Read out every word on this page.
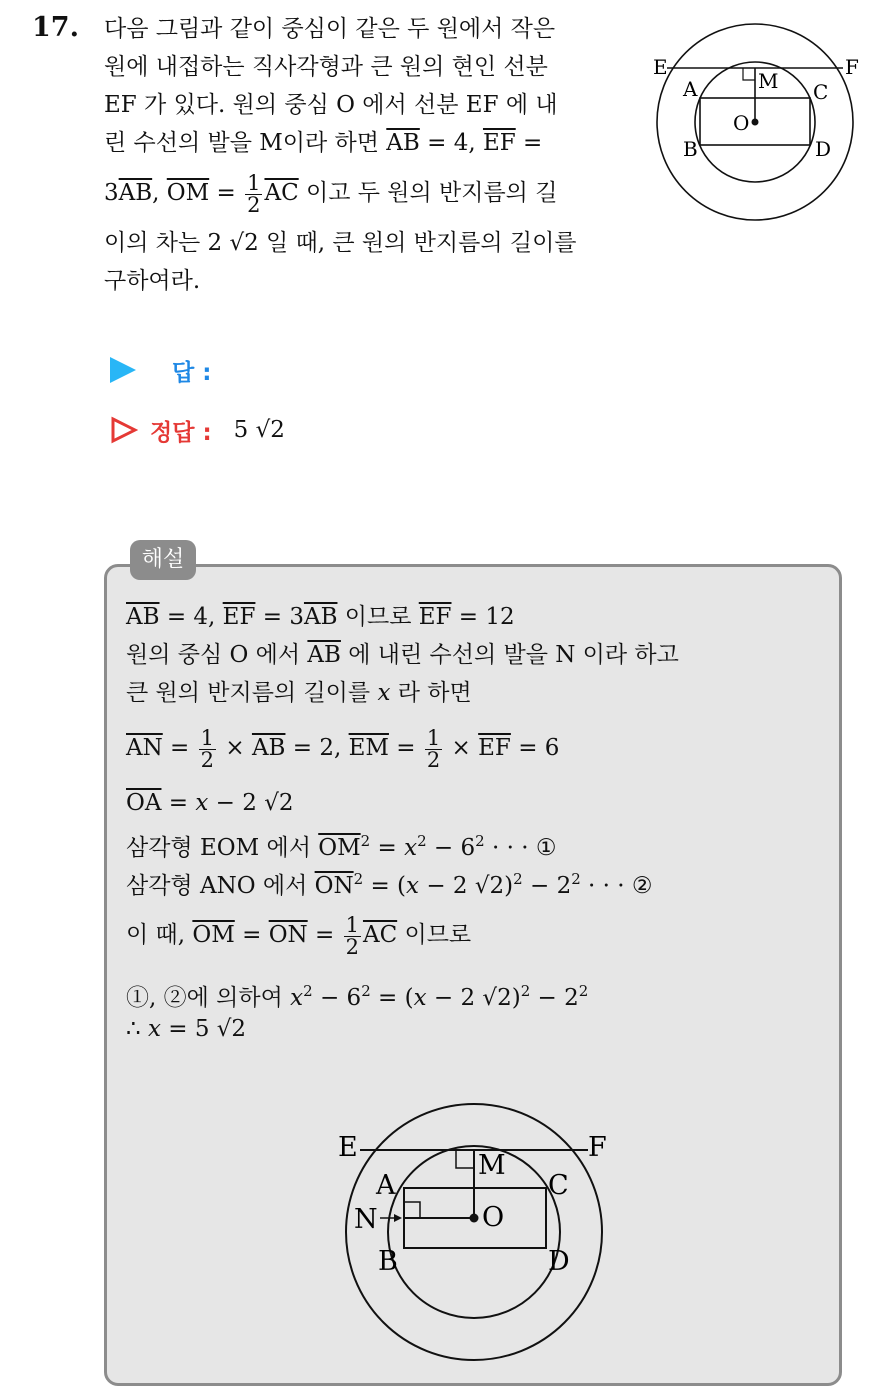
17. 다음 그림과 같이 중심이 같은 두 원에서 작은
원에 내접하는 직사각형과 큰 원의 현인 선분
EF 가 있다. 원의 중심 O 에서 선분 EF 에 내
린 수선의 발을 M이라 하면 $\overline{AB} = 4$, $\overline{EF}$ =
$3\overline{AB}$, $\overline{OM} = \frac{1}{2} \overline{AC}$ 이고 두 원의 반지름의 길
이의 차는 2 √2 일 때, 큰 원의 반지름의 길이를
구하여라.
E	F
A	M C
O
B	D
답 :
정답 : 5 √2
해설
$\overline{AB} = 4$, $\overline{EF} = 3\overline{AB}$ 이므로 $\overline{EF} = 12$
원의 중심 O 에서 $\overline{AB}$ 에 내린 수선의 발을 N 이라 하고
큰 원의 반지름의 길이를 x 라 하면
$\overline{AN} = \frac{1}{2} \times \overline{AB} = 2$, $\overline{EM} = \frac{1}{2} \times \overline{EF} = 6$
$\overline{OA} = x - 2$ √2
삼각형 EOM 에서 $\overline{OM}^2 = x^2 - 6^2$ · · · ①
삼각형 ANO 에서 $\overline{ON}^2 = (x - 2$ $√2)^2 - 2^2$ · · · ②
이 때, $\overline{OM} = \overline{ON} = \frac{1}{2} \overline{AC}$ 이므로
①, ②에 의하여 $x^2 - 6^2 = (x - 2$ $√2)^2 - 2^2$
∴ x = 5 √2
E	F
A
M
C
N	O
B	D
